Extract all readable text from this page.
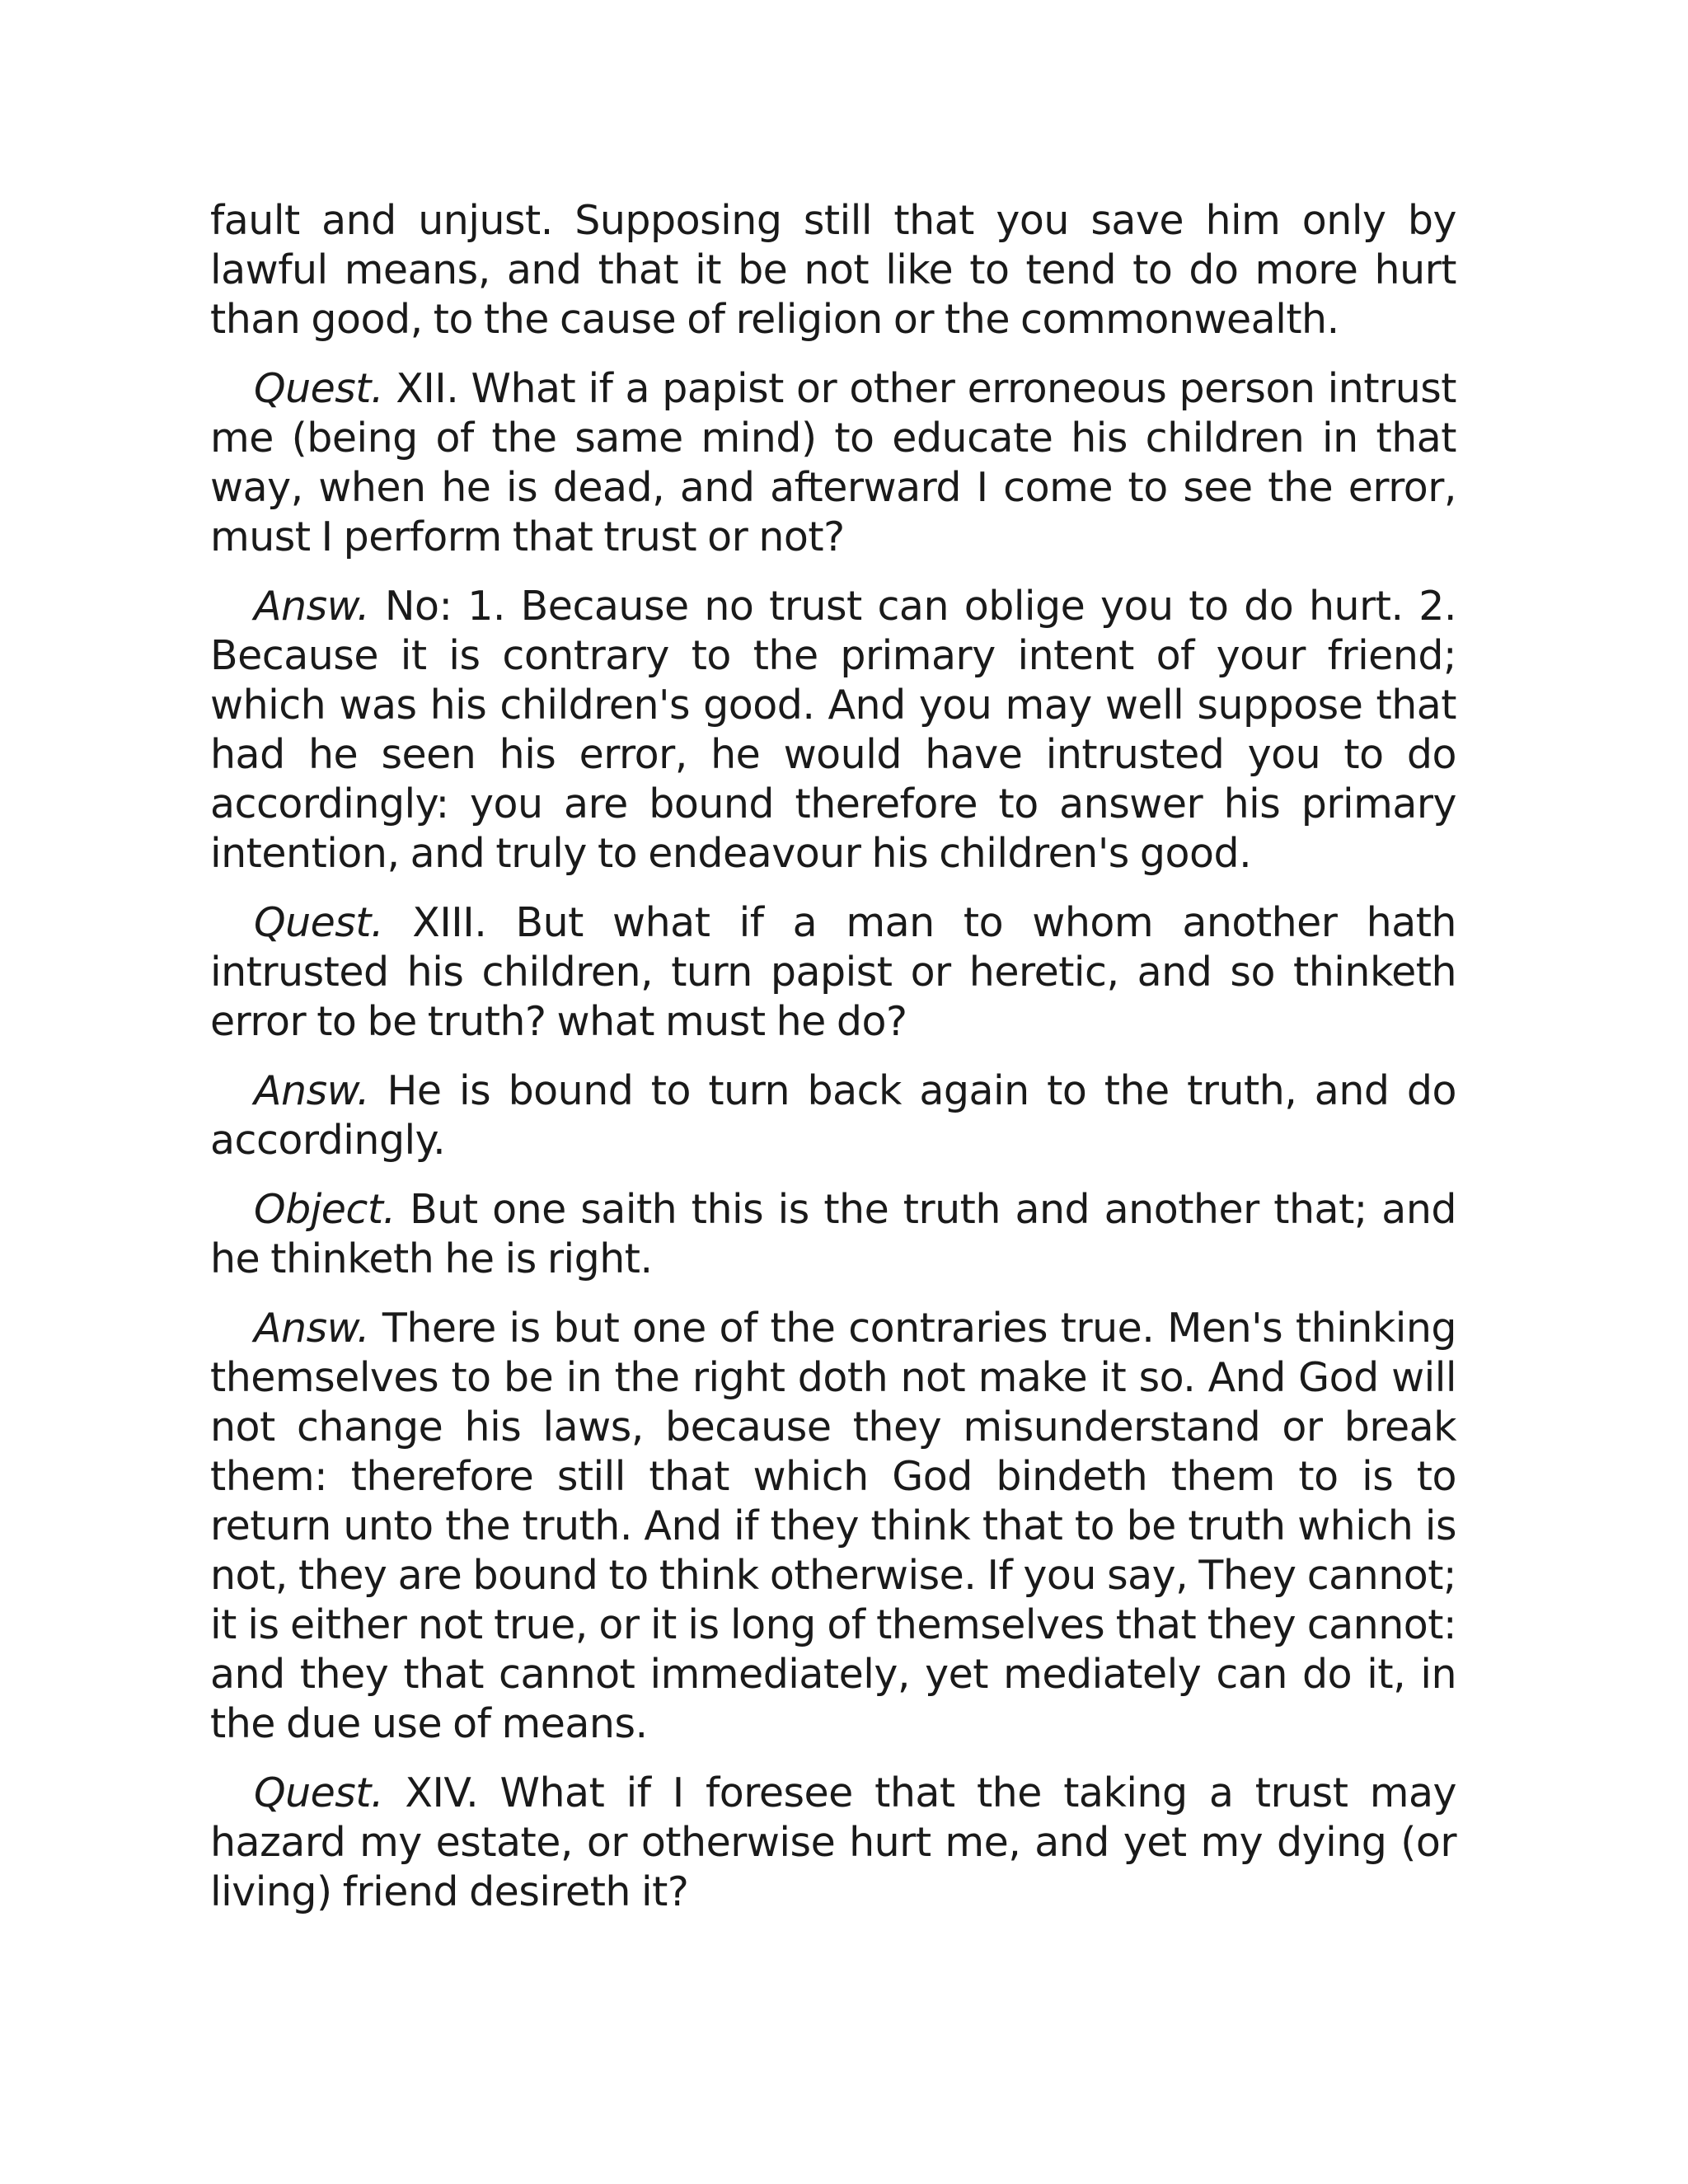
fault and unjust. Supposing still that you save him only by lawful means, and that it be not like to tend to do more hurt than good, to the cause of religion or the commonwealth.

Quest. XII. What if a papist or other erroneous person intrust me (being of the same mind) to educate his children in that way, when he is dead, and afterward I come to see the error, must I perform that trust or not?

Answ. No: 1. Because no trust can oblige you to do hurt. 2. Because it is contrary to the primary intent of your friend; which was his children's good. And you may well suppose that had he seen his error, he would have intrusted you to do accordingly: you are bound therefore to answer his primary intention, and truly to endeavour his children's good.

Quest. XIII. But what if a man to whom another hath intrusted his children, turn papist or heretic, and so thinketh error to be truth? what must he do?

Answ. He is bound to turn back again to the truth, and do accordingly.

Object. But one saith this is the truth and another that; and he thinketh he is right.

Answ. There is but one of the contraries true. Men's thinking themselves to be in the right doth not make it so. And God will not change his laws, because they misunderstand or break them: therefore still that which God bindeth them to is to return unto the truth. And if they think that to be truth which is not, they are bound to think otherwise. If you say, They cannot; it is either not true, or it is long of themselves that they cannot: and they that cannot immediately, yet mediately can do it, in the due use of means.

Quest. XIV. What if I foresee that the taking a trust may hazard my estate, or otherwise hurt me, and yet my dying (or living) friend desireth it?
